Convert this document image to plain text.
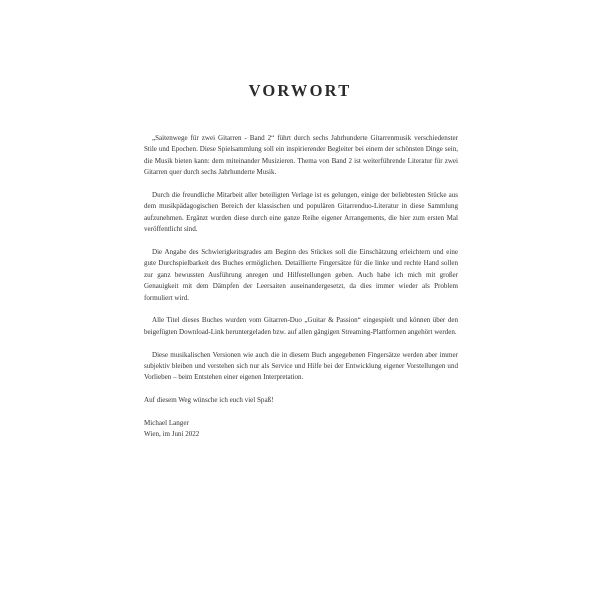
VORWORT

„Saitenwege für zwei Gitarren - Band 2“ führt durch sechs Jahrhunderte Gitarrenmusik verschiedenster Stile und Epochen. Diese Spielsammlung soll ein inspirierender Begleiter bei einem der schönsten Dinge sein, die Musik bieten kann: dem miteinander Musizieren. Thema von Band 2 ist weiterführende Literatur für zwei Gitarren quer durch sechs Jahrhunderte Musik.

Durch die freundliche Mitarbeit aller beteiligten Verlage ist es gelungen, einige der beliebtesten Stücke aus dem musikpädagogischen Bereich der klassischen und populären Gitarrenduo-Literatur in diese Sammlung aufzunehmen. Ergänzt wurden diese durch eine ganze Reihe eigener Arrangements, die hier zum ersten Mal veröffentlicht sind.

Die Angabe des Schwierigkeitsgrades am Beginn des Stückes soll die Einschätzung erleichtern und eine gute Durchspielbarkeit des Buches ermöglichen. Detaillierte Fingersätze für die linke und rechte Hand sollen zur ganz bewussten Ausführung anregen und Hilfestellungen geben. Auch habe ich mich mit großer Genauigkeit mit dem Dämpfen der Leersaiten auseinandergesetzt, da dies immer wieder als Problem formuliert wird.

Alle Titel dieses Buches wurden vom Gitarren-Duo „Guitar & Passion“ eingespielt und können über den beigefügten Download-Link heruntergeladen bzw. auf allen gängigen Streaming-Plattformen angehört werden.

Diese musikalischen Versionen wie auch die in diesem Buch angegebenen Fingersätze werden aber immer subjektiv bleiben und verstehen sich nur als Service und Hilfe bei der Entwicklung eigener Vorstellungen und Vorlieben – beim Entstehen einer eigenen Interpretation.

Auf diesem Weg wünsche ich euch viel Spaß!

Michael Langer
Wien, im Juni 2022
